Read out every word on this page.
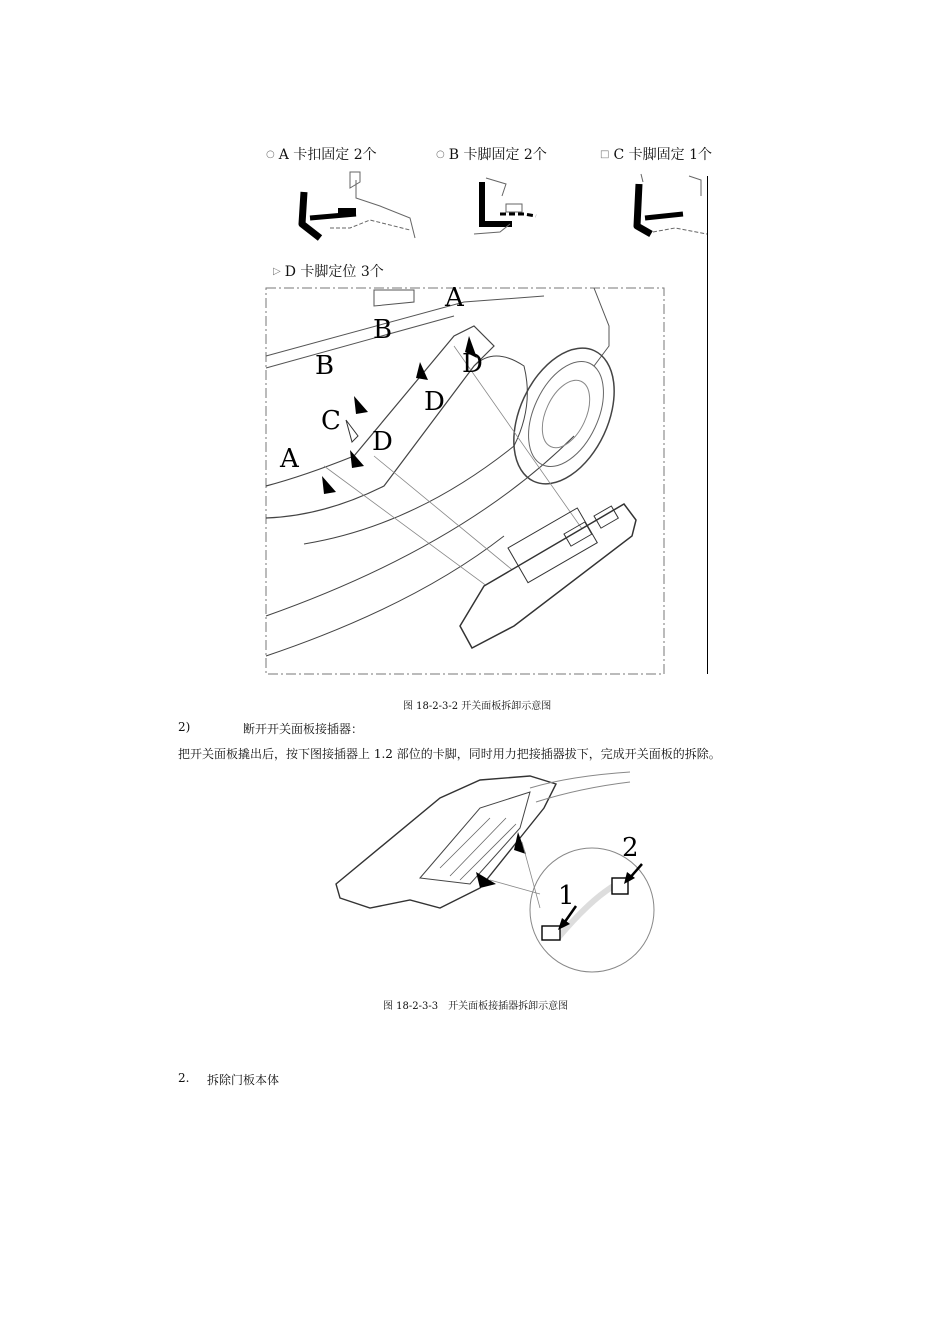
○ A 卡扣固定 2个	○ B 卡脚固定 2个	□ C 卡脚固定 1个
▷ D 卡脚定位 3个
A
B
B	D
D
C
D
A
图 18-2-3-2 开关面板拆卸示意图
2)	断开开关面板接插器：
把开关面板撬出后，按下图接插器上 1.2 部位的卡脚，同时用力把接插器拔下，完成开关面板的拆除。
1
2
图 18-2-3-3　开关面板接插器拆卸示意图
2. 拆除门板本体
